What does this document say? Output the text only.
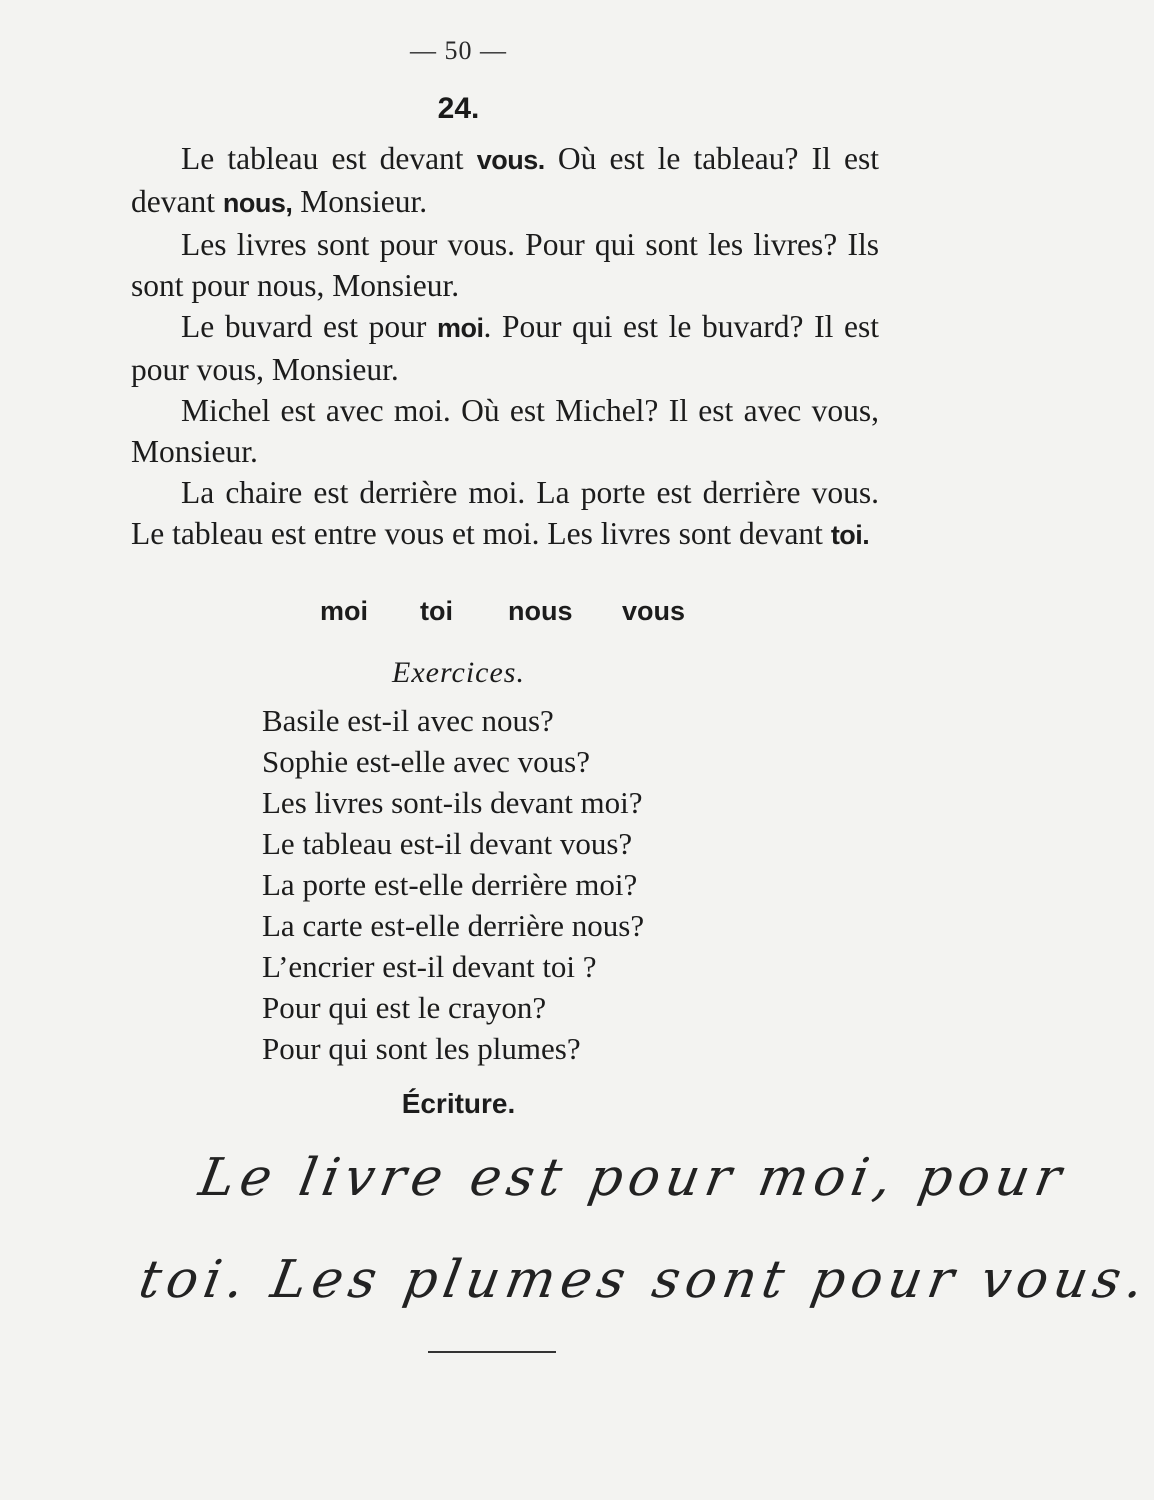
— 50 —
24.

Le tableau est devant vous. Où est le tableau? Il est devant nous, Monsieur.

Les livres sont pour vous. Pour qui sont les livres? Ils sont pour nous, Monsieur.

Le buvard est pour moi. Pour qui est le buvard? Il est pour vous, Monsieur.

Michel est avec moi. Où est Michel? Il est avec vous, Monsieur.

La chaire est derrière moi. La porte est derrière vous. Le tableau est entre vous et moi. Les livres sont devant toi.

moi toi nous vous
Exercices.
Basile est-il avec nous?
Sophie est-elle avec vous?
Les livres sont-ils devant moi?
Le tableau est-il devant vous?
La porte est-elle derrière moi?
La carte est-elle derrière nous?
L’encrier est-il devant toi ?
Pour qui est le crayon?
Pour qui sont les plumes?
Écriture.
Le livre est pour moi, pour
toi. Les plumes sont pour vous.
